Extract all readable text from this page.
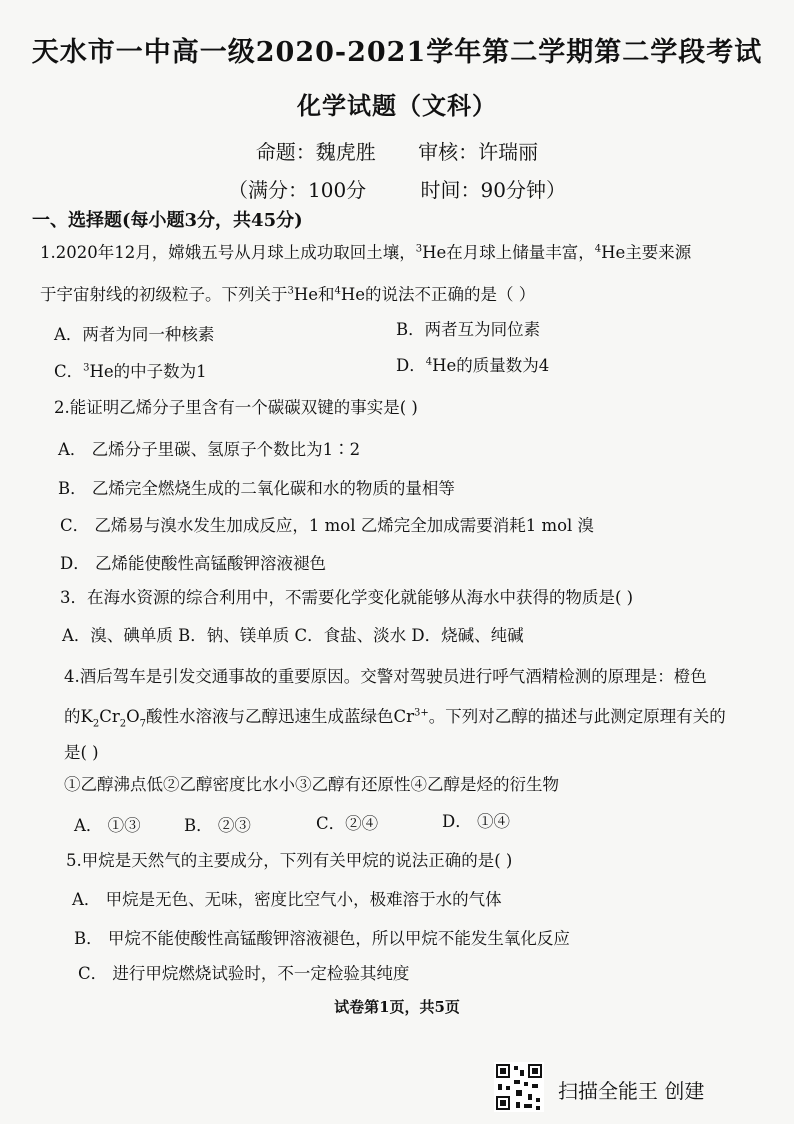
天水市一中高一级2020-2021学年第二学期第二学段考试
化学试题（文科）
命题：魏虎胜 审核：许瑞丽
（满分：100分	时间：90分钟）
一、选择题(每小题3分，共45分)
1.2020年12月，嫦娥五号从月球上成功取回土壤，$^3$He在月球上储量丰富，$^4$He主要来源
于宇宙射线的初级粒子。下列关于$^3$He和$^4$He的说法不正确的是（ ）
A．两者为同一种核素	B．两者互为同位素
C．$^3$He的中子数为1	D．$^4$He的质量数为4
2.能证明乙烯分子里含有一个碳碳双键的事实是( )
A． 乙烯分子里碳、氢原子个数比为1∶2
B． 乙烯完全燃烧生成的二氧化碳和水的物质的量相等
C． 乙烯易与溴水发生加成反应，1 mol 乙烯完全加成需要消耗1 mol 溴
D． 乙烯能使酸性高锰酸钾溶液褪色
3．在海水资源的综合利用中，不需要化学变化就能够从海水中获得的物质是( )
A．溴、碘单质 B．钠、镁单质 C．食盐、淡水 D．烧碱、纯碱
4.酒后驾车是引发交通事故的重要原因。交警对驾驶员进行呼气酒精检测的原理是：橙色
的$K_2Cr_2O_7$酸性水溶液与乙醇迅速生成蓝绿色$Cr^{3+}$。下列对乙醇的描述与此测定原理有关的
是( )
①乙醇沸点低②乙醇密度比水小③乙醇有还原性④乙醇是烃的衍生物
A． ①③	B． ②③	C．②④	D． ①④
5.甲烷是天然气的主要成分，下列有关甲烷的说法正确的是( )
A． 甲烷是无色、无味，密度比空气小，极难溶于水的气体
B． 甲烷不能使酸性高锰酸钾溶液褪色，所以甲烷不能发生氧化反应
C． 进行甲烷燃烧试验时，不一定检验其纯度
试卷第1页，共5页
扫描全能王 创建
